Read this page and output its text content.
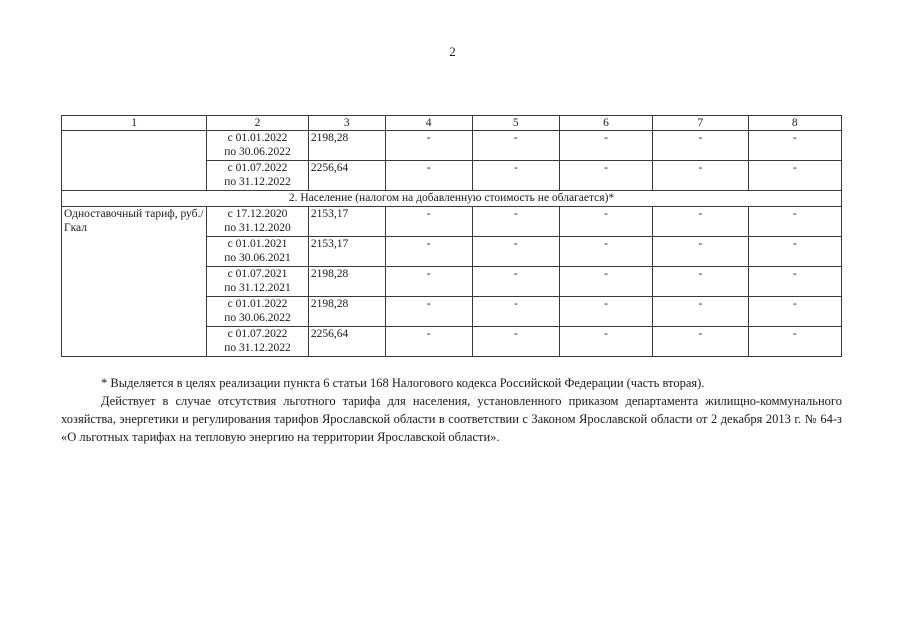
2
1	2	3	4	5	6	7	8
	с 01.01.2022
по 30.06.2022	2198,28	-	-	-	-	-
	с 01.07.2022
по 31.12.2022	2256,64	-	-	-	-	-
2. Население (налогом на добавленную стоимость не облагается)*							
Одноставочный тариф, руб./Гкал	с 17.12.2020
по 31.12.2020	2153,17	-	-	-	-	-
	с 01.01.2021
по 30.06.2021	2153,17	-	-	-	-	-
	с 01.07.2021
по 31.12.2021	2198,28	-	-	-	-	-
	с 01.01.2022
по 30.06.2022	2198,28	-	-	-	-	-
	с 01.07.2022
по 31.12.2022	2256,64	-	-	-	-	-

* Выделяется в целях реализации пункта 6 статьи 168 Налогового кодекса Российской Федерации (часть вторая).

Действует в случае отсутствия льготного тарифа для населения, установленного приказом департамента жилищно-коммунального хозяйства, энергетики и регулирования тарифов Ярославской области в соответствии с Законом Ярославской области от 2 декабря 2013 г. № 64-з «О льготных тарифах на тепловую энергию на территории Ярославской области».
